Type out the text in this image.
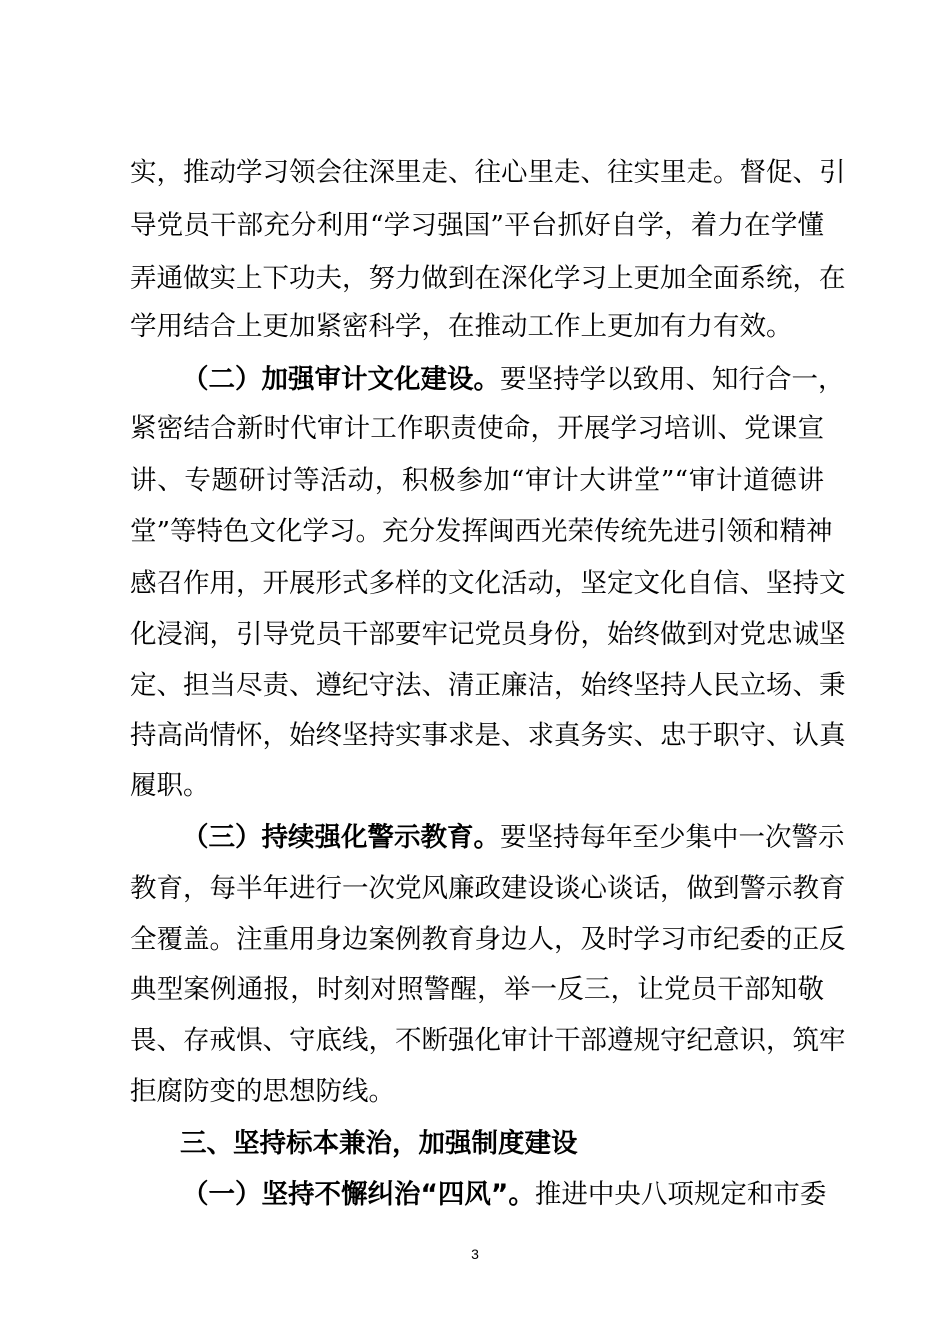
实，推动学习领会往深里走、往心里走、往实里走。督促、引
导党员干部充分利用“学习强国”平台抓好自学，着力在学懂
弄通做实上下功夫，努力做到在深化学习上更加全面系统，在
学用结合上更加紧密科学，在推动工作上更加有力有效。
（二）加强审计文化建设。要坚持学以致用、知行合一，
紧密结合新时代审计工作职责使命，开展学习培训、党课宣
讲、专题研讨等活动，积极参加“审计大讲堂”“审计道德讲
堂”等特色文化学习。充分发挥闽西光荣传统先进引领和精神
感召作用，开展形式多样的文化活动，坚定文化自信、坚持文
化浸润，引导党员干部要牢记党员身份，始终做到对党忠诚坚
定、担当尽责、遵纪守法、清正廉洁，始终坚持人民立场、秉
持高尚情怀，始终坚持实事求是、求真务实、忠于职守、认真
履职。
（三）持续强化警示教育。要坚持每年至少集中一次警示
教育，每半年进行一次党风廉政建设谈心谈话，做到警示教育
全覆盖。注重用身边案例教育身边人，及时学习市纪委的正反
典型案例通报，时刻对照警醒，举一反三，让党员干部知敬
畏、存戒惧、守底线，不断强化审计干部遵规守纪意识，筑牢
拒腐防变的思想防线。
三、坚持标本兼治，加强制度建设
（一）坚持不懈纠治“四风”。推进中央八项规定和市委
3
